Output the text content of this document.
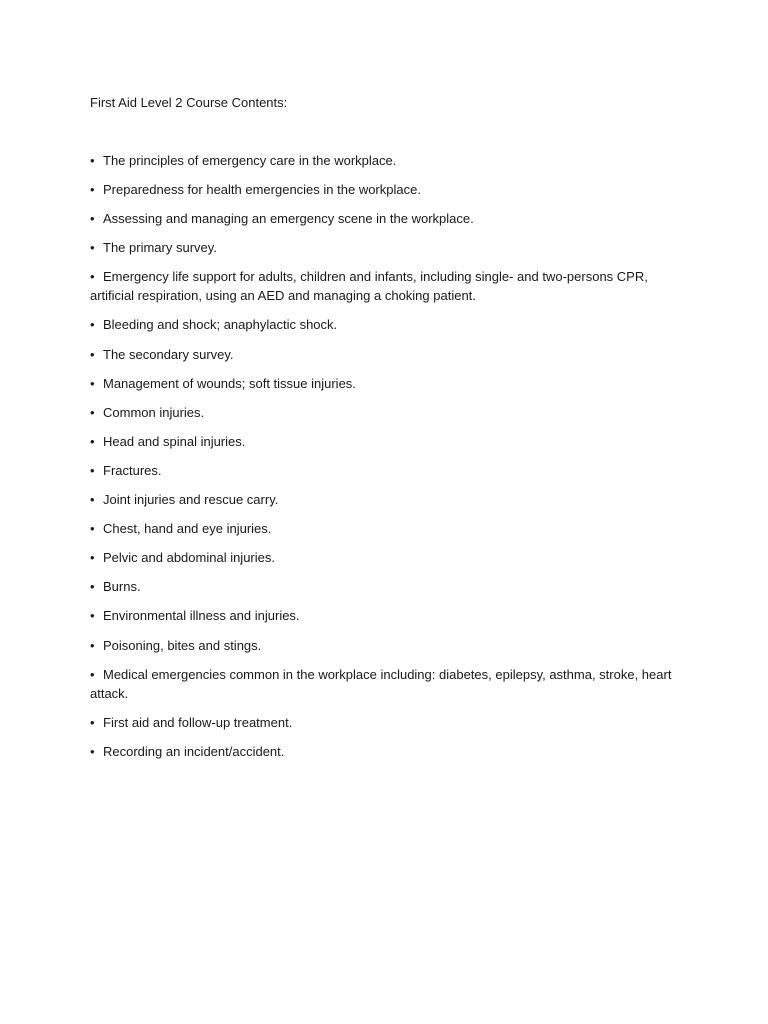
First Aid Level 2 Course Contents:

• The principles of emergency care in the workplace.
• Preparedness for health emergencies in the workplace.
• Assessing and managing an emergency scene in the workplace.
• The primary survey.
• Emergency life support for adults, children and infants, including single- and two-persons CPR, artificial respiration, using an AED and managing a choking patient.
• Bleeding and shock; anaphylactic shock.
• The secondary survey.
• Management of wounds; soft tissue injuries.
• Common injuries.
• Head and spinal injuries.
• Fractures.
• Joint injuries and rescue carry.
• Chest, hand and eye injuries.
• Pelvic and abdominal injuries.
• Burns.
• Environmental illness and injuries.
• Poisoning, bites and stings.
• Medical emergencies common in the workplace including: diabetes, epilepsy, asthma, stroke, heart attack.
• First aid and follow-up treatment.
• Recording an incident/accident.
